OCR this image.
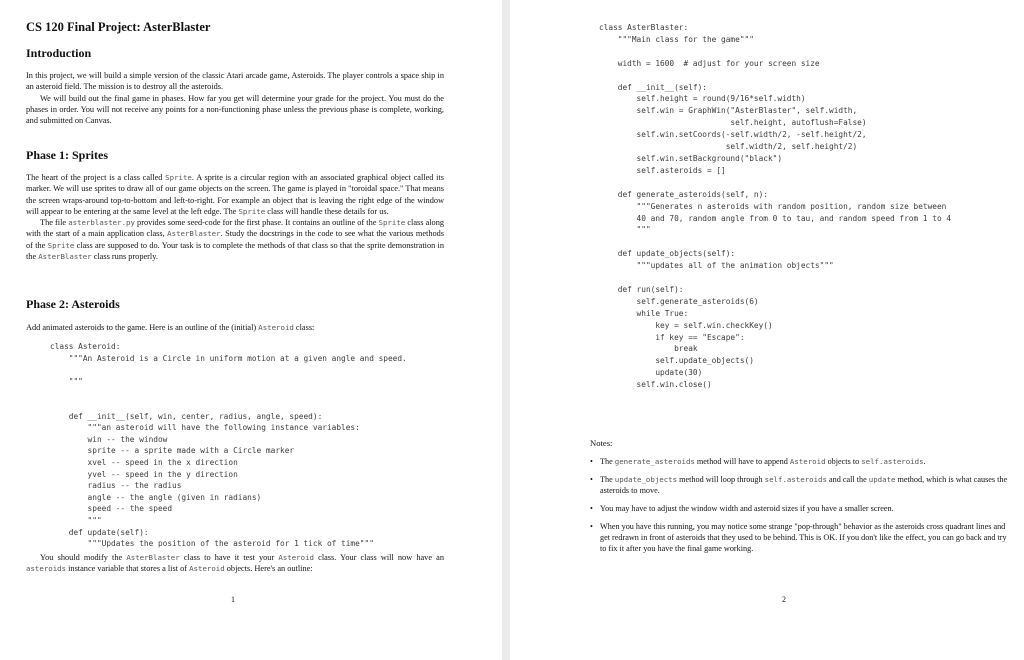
CS 120 Final Project: AsterBlaster
Introduction

In this project, we will build a simple version of the classic Atari arcade game, Asteroids. The player controls a space ship in an asteroid field. The mission is to destroy all the asteroids.
We will build out the final game in phases. How far you get will determine your grade for the project. You must do the phases in order. You will not receive any points for a non-functioning phase unless the previous phase is complete, working, and submitted on Canvas.

Phase 1: Sprites

The heart of the project is a class called Sprite. A sprite is a circular region with an associated graphical object called its marker. We will use sprites to draw all of our game objects on the screen. The game is played in "toroidal space." That means the screen wraps-around top-to-bottom and left-to-right. For example an object that is leaving the right edge of the window will appear to be entering at the same level at the left edge. The Sprite class will handle these details for us.
The file asterblaster.py provides some seed-code for the first phase. It contains an outline of the Sprite class along with the start of a main application class, AsterBlaster. Study the docstrings in the code to see what the various methods of the Sprite class are supposed to do. Your task is to complete the methods of that class so that the sprite demonstration in the AsterBlaster class runs properly.

Phase 2: Asteroids

Add animated asteroids to the game. Here is an outline of the (initial) Asteroid class:

class Asteroid:
"""An Asteroid is a Circle in uniform motion at a given angle and speed.

"""

def __init__(self, win, center, radius, angle, speed):
"""an asteroid will have the following instance variables:
win -- the window
sprite -- a sprite made with a Circle marker
xvel -- speed in the x direction
yvel -- speed in the y direction
radius -- the radius
angle -- the angle (given in radians)
speed -- the speed
"""
def update(self):
"""Updates the position of the asteroid for 1 tick of time"""

You should modify the AsterBlaster class to have it test your Asteroid class. Your class will now have an asteroids instance variable that stores a list of Asteroid objects. Here's an outline:

1
class AsterBlaster:
"""Main class for the game"""

width = 1600  # adjust for your screen size

def __init__(self):
self.height = round(9/16*self.width)
self.win = GraphWin("AsterBlaster", self.width,
self.height, autoflush=False)
self.win.setCoords(-self.width/2, -self.height/2,
self.width/2, self.height/2)
self.win.setBackground("black")
self.asteroids = []

def generate_asteroids(self, n):
"""Generates n asteroids with random position, random size between
40 and 70, random angle from 0 to tau, and random speed from 1 to 4
"""

def update_objects(self):
"""updates all of the animation objects"""

def run(self):
self.generate_asteroids(6)
while True:
key = self.win.checkKey()
if key == "Escape":
break
self.update_objects()
update(30)
self.win.close()
Notes:
• The generate_asteroids method will have to append Asteroid objects to self.asteroids.
• The update_objects method will loop through self.asteroids and call the update method, which is what causes the asteroids to move.
• You may have to adjust the window width and asteroid sizes if you have a smaller screen.
• When you have this running, you may notice some strange "pop-through" behavior as the asteroids cross quadrant lines and get redrawn in front of asteroids that they used to be behind. This is OK. If you don't like the effect, you can go back and try to fix it after you have the final game working.
2
